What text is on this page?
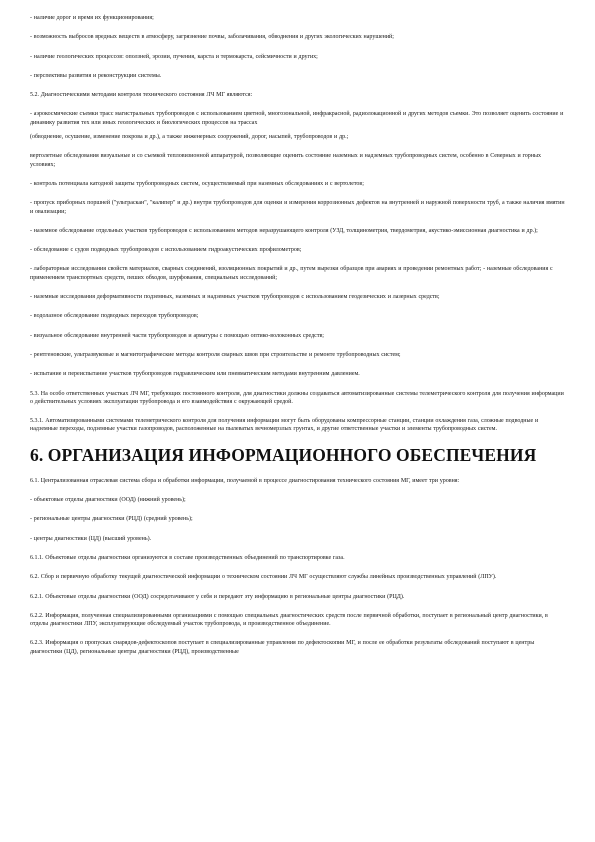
- наличие дорог и время их функционирования;

- возможность выбросов вредных веществ в атмосферу, загрязнение почвы, заболачивания, обводнения и других экологических нарушений;

- наличие геологических процессов: оползней, эрозии, пучения, карста и термокарста, сейсмичности и других;

- перспективы развития и реконструкции системы.

5.2. Диагностическими методами контроля технического состояния ЛЧ МГ являются:

- аэрокосмические съемки трасс магистральных трубопроводов с использованием цветной, многозональной, инфракрасной, радиолокационной и других методов съемки. Это позволяет оценить состояние и динамику развития тех или иных геологических и биологических процессов на трассах

(обводнение, осушение, изменение покрова и др.), а также инженерных сооружений, дорог, насыпей, трубопроводов и др.;

вертолетные обследования визуальные и со съемкой тепловизионной аппаратурой, позволяющие оценить состояние наземных и надземных трубопроводных систем, особенно в Северных и горных условиях;

- контроль потенциала катодной защиты трубопроводных систем, осуществляемый при наземных обследованиях и с вертолетов;

- пропуск приборных поршней ("ультраскан", "калипер" и др.) внутри трубопроводов для оценки и измерения коррозионных дефектов на внутренней и наружной поверхности труб, а также наличия вмятин и овализации;

- наземное обследование отдельных участков трубопроводов с использованием методов неразрушающего контроля (УЗД, толщинометрия, твердометрия, акустико-эмиссионная диагностика и др.);

- обследование с судов подводных трубопроводов с использованием гидроакустических профилометров;

- лабораторные исследования свойств материалов, сварных соединений, изоляционных покрытий и др., путем вырезки образцов при авариях и проведении ремонтных работ; - наземные обследования с применением транспортных средств, пеших обходов, шурфования, специальных исследований;

- наземные исследования деформативности подземных, наземных и надземных участков трубопроводов с использованием геодезических и лазерных средств;

- водолазное обследование подводных переходов трубопроводов;

- визуальное обследование внутренней части трубопроводов и арматуры с помощью оптико-волоконных средств;

- рентгеновские, ультразвуковые и магнитографические методы контроля сварных швов при строительстве и ремонте трубопроводных систем;

- испытание и переиспытание участков трубопроводов гидравлическим или пневматическим методами внутренним давлением.

5.3. На особо ответственных участках ЛЧ МГ, требующих постоянного контроля, для диагностики должны создаваться автоматизированные системы телеметрического контроля для получения информации о действительных условиях эксплуатации трубопровода и его взаимодействия с окружающей средой.

5.3.1. Автоматизированными системами телеметрического контроля для получения информации могут быть оборудованы компрессорные станции, станции охлаждения газа, сложные подводные и надземные переходы, подземные участки газопроводов, расположенные на пылеватых вечномерзлых грунтах, и другие ответственные участки и элементы трубопроводных систем.

6. ОРГАНИЗАЦИЯ ИНФОРМАЦИОННОГО ОБЕСПЕЧЕНИЯ

6.1. Централизованная отраслевая система сбора и обработки информации, получаемой в процессе диагностирования технического состояния МГ, имеет три уровня:

- объектовые отделы диагностики (ООД) (нижний уровень);

- региональные центры диагностики (РЦД) (средний уровень);

- центры диагностики (ЦД) (высший уровень).

6.1.1. Объектовые отделы диагностики организуются в составе производственных объединений по транспортировке газа.

6.2. Сбор и первичную обработку текущей диагностической информации о техническом состоянии ЛЧ МГ осуществляют службы линейных производственных управлений (ЛПУ).

6.2.1. Объектовые отделы диагностики (ООД) сосредотачивают у себя и передают эту информацию в региональные центры диагностики (РЦД).

6.2.2. Информация, полученная специализированными организациями с помощью специальных диагностических средств после первичной обработки, поступает в региональный центр диагностики, в отделы диагностики ЛПУ, эксплуатирующие обследуемый участок трубопровода, и производственное объединение.

6.2.3. Информация о пропусках снарядов-дефектоскопов поступает в специализированные управления по дефектоскопии МГ, и после ее обработки результаты обследований поступают в центры диагностики (ЦД), региональные центры диагностики (РЦД), производственные
